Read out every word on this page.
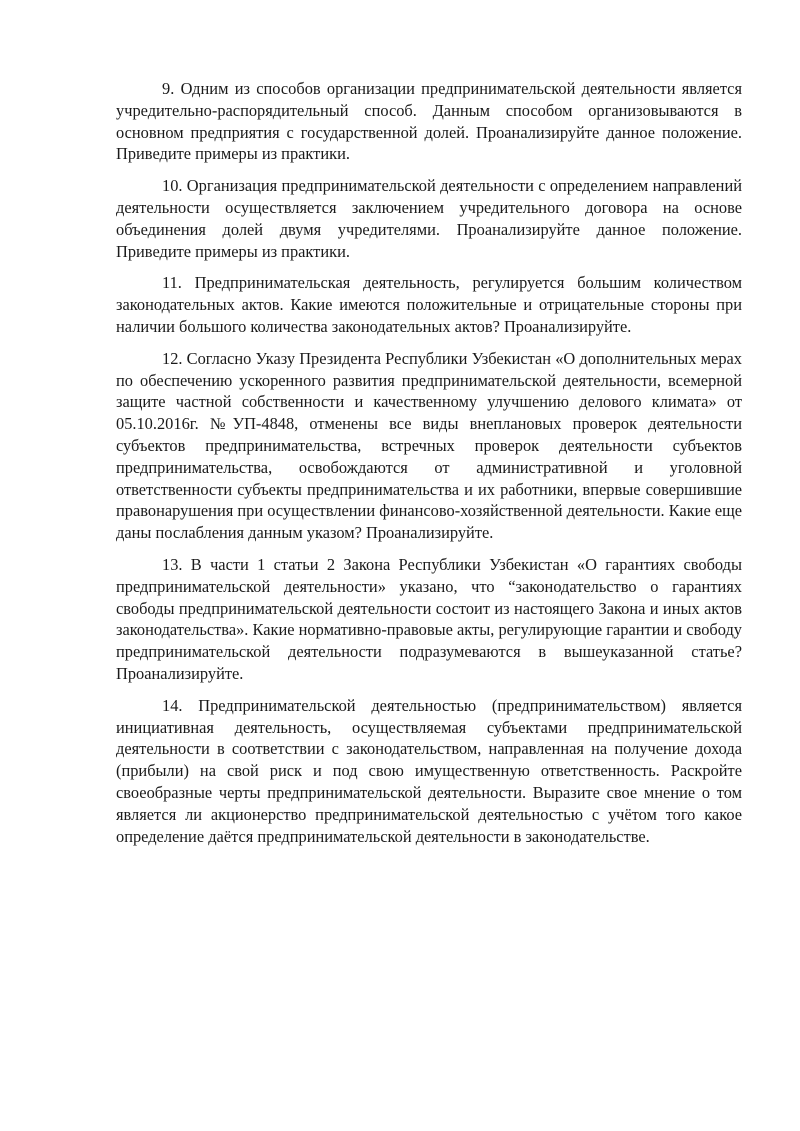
9. Одним из способов организации предпринимательской деятельности является учредительно-распорядительный способ. Данным способом организовываются в основном предприятия с государственной долей. Проанализируйте данное положение. Приведите примеры из практики.

10. Организация предпринимательской деятельности с определением направлений деятельности осуществляется заключением учредительного договора на основе объединения долей двумя учредителями. Проанализируйте данное положение. Приведите примеры из практики.

11. Предпринимательская деятельность, регулируется большим количеством законодательных актов. Какие имеются положительные и отрицательные стороны при наличии большого количества законодательных актов? Проанализируйте.

12. Согласно Указу Президента Республики Узбекистан «О дополнительных мерах по обеспечению ускоренного развития предпринимательской деятельности, всемерной защите частной собственности и качественному улучшению делового климата» от 05.10.2016г. №УП-4848, отменены все виды внеплановых проверок деятельности субъектов предпринимательства, встречных проверок деятельности субъектов предпринимательства, освобождаются от административной и уголовной ответственности субъекты предпринимательства и их работники, впервые совершившие правонарушения при осуществлении финансово-хозяйственной деятельности. Какие еще даны послабления данным указом? Проанализируйте.

13. В части 1 статьи 2 Закона Республики Узбекистан «О гарантиях свободы предпринимательской деятельности» указано, что “законодательство о гарантиях свободы предпринимательской деятельности состоит из настоящего Закона и иных актов законодательства». Какие нормативно-правовые акты, регулирующие гарантии и свободу предпринимательской деятельности подразумеваются в вышеуказанной статье? Проанализируйте.

14. Предпринимательской деятельностью (предпринимательством) является инициативная деятельность, осуществляемая субъектами предпринимательской деятельности в соответствии с законодательством, направленная на получение дохода (прибыли) на свой риск и под свою имущественную ответственность. Раскройте своеобразные черты предпринимательской деятельности. Выразите свое мнение о том является ли акционерство предпринимательской деятельностью с учётом того какое определение даётся предпринимательской деятельности в законодательстве.
